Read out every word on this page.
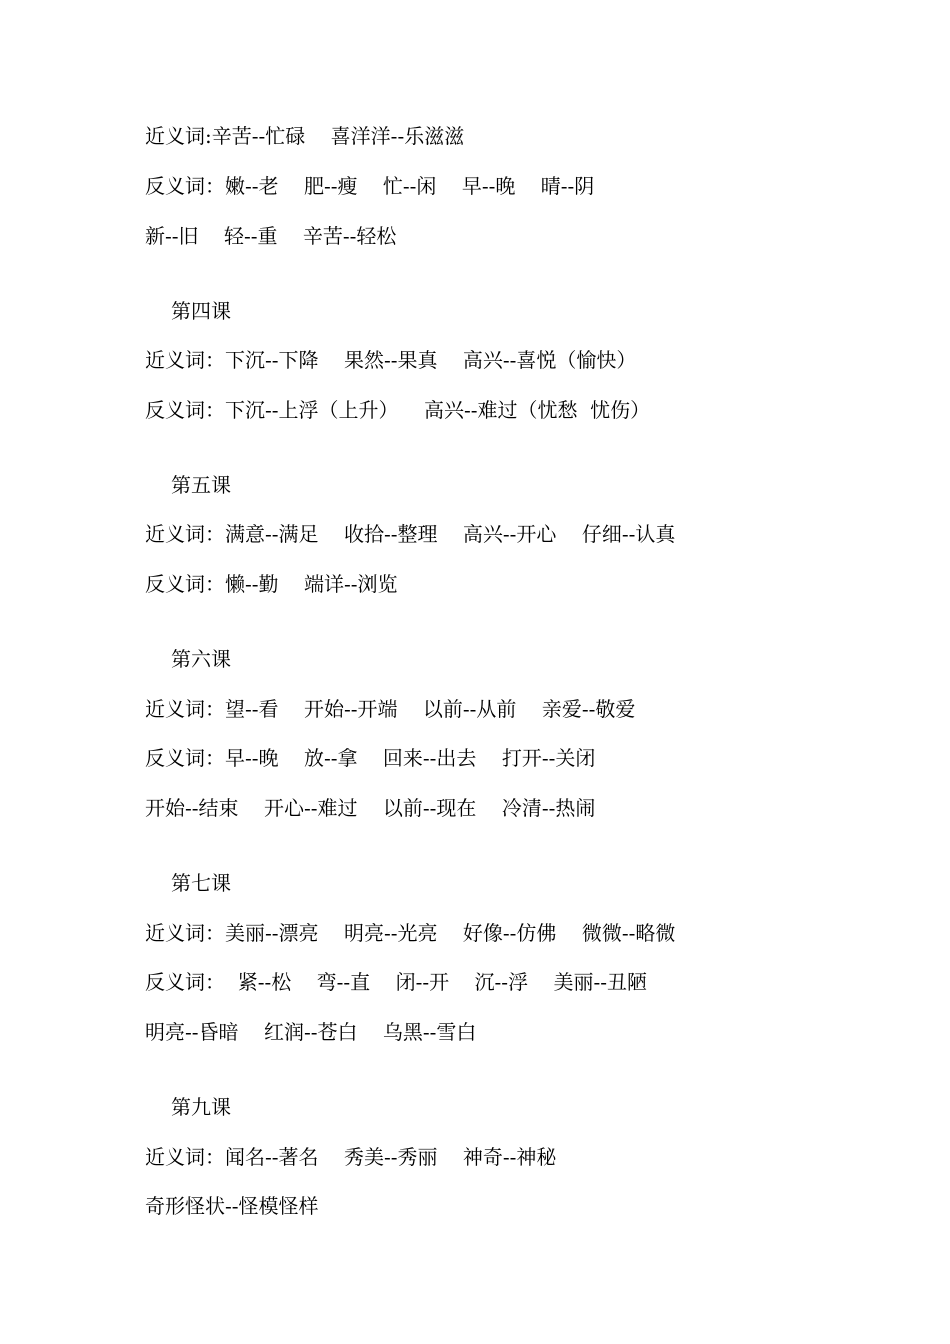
近义词:辛苦--忙碌    喜洋洋--乐滋滋
反义词：嫩--老    肥--瘦    忙--闲    早--晚    晴--阴
新--旧    轻--重    辛苦--轻松
第四课
近义词：下沉--下降    果然--果真    高兴--喜悦（愉快）
反义词：下沉--上浮（上升）    高兴--难过（忧愁  忧伤）
第五课
近义词：满意--满足    收拾--整理    高兴--开心    仔细--认真
反义词：懒--勤    端详--浏览
第六课
近义词：望--看    开始--开端    以前--从前    亲爱--敬爱
反义词：早--晚    放--拿    回来--出去    打开--关闭
开始--结束    开心--难过    以前--现在    冷清--热闹
第七课
近义词：美丽--漂亮    明亮--光亮    好像--仿佛    微微--略微
反义词：  紧--松    弯--直    闭--开    沉--浮    美丽--丑陋
明亮--昏暗    红润--苍白    乌黑--雪白
第九课
近义词：闻名--著名    秀美--秀丽    神奇--神秘
奇形怪状--怪模怪样
